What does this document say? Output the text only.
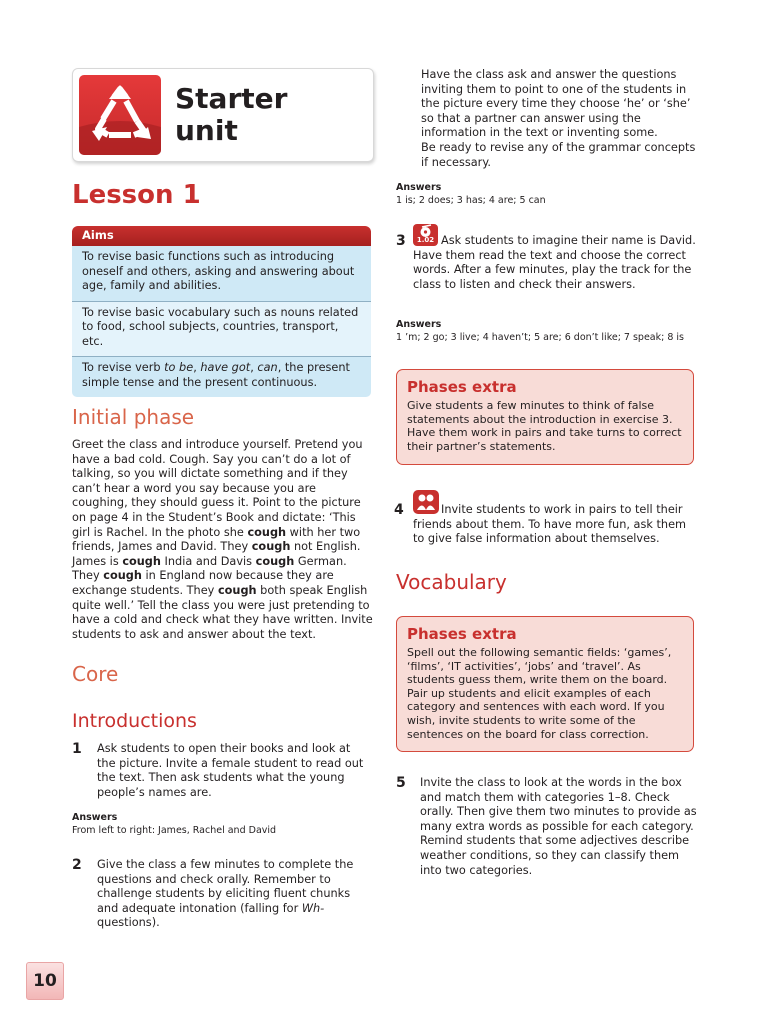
Starter
unit
Lesson 1
Aims
To revise basic functions such as introducing oneself and others, asking and answering about age, family and abilities.
To revise basic vocabulary such as nouns related to food, school subjects, countries, transport, etc.
To revise verb to be, have got, can, the present simple tense and the present continuous.
Initial phase

Greet the class and introduce yourself. Pretend you have a bad cold. Cough. Say you can’t do a lot of talking, so you will dictate something and if they can’t hear a word you say because you are coughing, they should guess it. Point to the picture on page 4 in the Student’s Book and dictate: ‘This girl is Rachel. In the photo she cough with her two friends, James and David. They cough not English. James is cough India and Davis cough German. They cough in England now because they are exchange students. They cough both speak English quite well.’ Tell the class you were just pretending to have a cold and check what they have written. Invite students to ask and answer about the text.

Core
Introductions
1 Ask students to open their books and look at the picture. Invite a female student to read out the text. Then ask students what the young people’s names are.

Answers
From left to right: James, Rachel and David
2 Give the class a few minutes to complete the questions and check orally. Remember to challenge students by eliciting fluent chunks and adequate intonation (falling for Wh- questions).

Have the class ask and answer the questions inviting them to point to one of the students in the picture every time they choose ‘he’ or ‘she’ so that a partner can answer using the information in the text or inventing some.

Be ready to revise any of the grammar concepts if necessary.

Answers
1 is; 2 does; 3 has; 4 are; 5 can
3	1.02 Ask students to imagine their name is David. Have them read the text and choose the correct words. After a few minutes, play the track for the class to listen and check their answers.

Answers
1 ’m; 2 go; 3 live; 4 haven’t; 5 are; 6 don’t like; 7 speak; 8 is
Phases extra

Give students a few minutes to think of false statements about the introduction in exercise 3. Have them work in pairs and take turns to correct their partner’s statements.

4	Invite students to work in pairs to tell their friends about them. To have more fun, ask them to give false information about themselves.

Vocabulary
Phases extra

Spell out the following semantic fields: ‘games’, ‘films’, ‘IT activities’, ‘jobs’ and ‘travel’. As students guess them, write them on the board. Pair up students and elicit examples of each category and sentences with each word. If you wish, invite students to write some of the sentences on the board for class correction.

5 Invite the class to look at the words in the box and match them with categories 1–8. Check orally. Then give them two minutes to provide as many extra words as possible for each category. Remind students that some adjectives describe weather conditions, so they can classify them into two categories.

10
